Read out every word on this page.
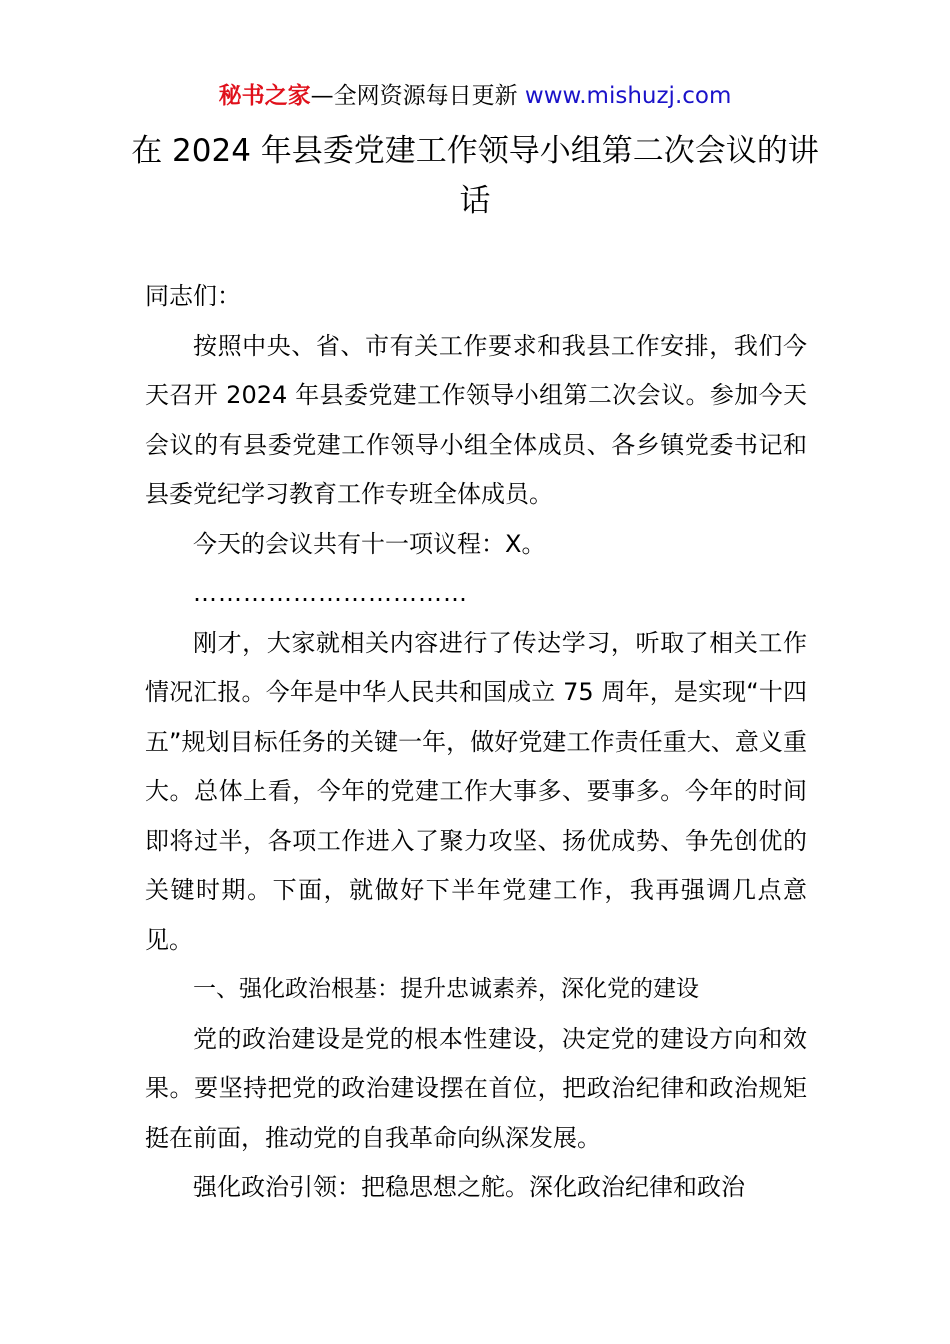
秘书之家—全网资源每日更新 www.mishuzj.com
在 2024 年县委党建工作领导小组第二次会议的讲话

同志们：

按照中央、省、市有关工作要求和我县工作安排，我们今天召开 2024 年县委党建工作领导小组第二次会议。参加今天会议的有县委党建工作领导小组全体成员、各乡镇党委书记和县委党纪学习教育工作专班全体成员。

今天的会议共有十一项议程：X。

……………………………

刚才，大家就相关内容进行了传达学习，听取了相关工作情况汇报。今年是中华人民共和国成立 75 周年，是实现“十四五”规划目标任务的关键一年，做好党建工作责任重大、意义重大。总体上看，今年的党建工作大事多、要事多。今年的时间即将过半，各项工作进入了聚力攻坚、扬优成势、争先创优的关键时期。下面，就做好下半年党建工作，我再强调几点意见。

一、强化政治根基：提升忠诚素养，深化党的建设

党的政治建设是党的根本性建设，决定党的建设方向和效果。要坚持把党的政治建设摆在首位，把政治纪律和政治规矩挺在前面，推动党的自我革命向纵深发展。

强化政治引领：把稳思想之舵。深化政治纪律和政治
